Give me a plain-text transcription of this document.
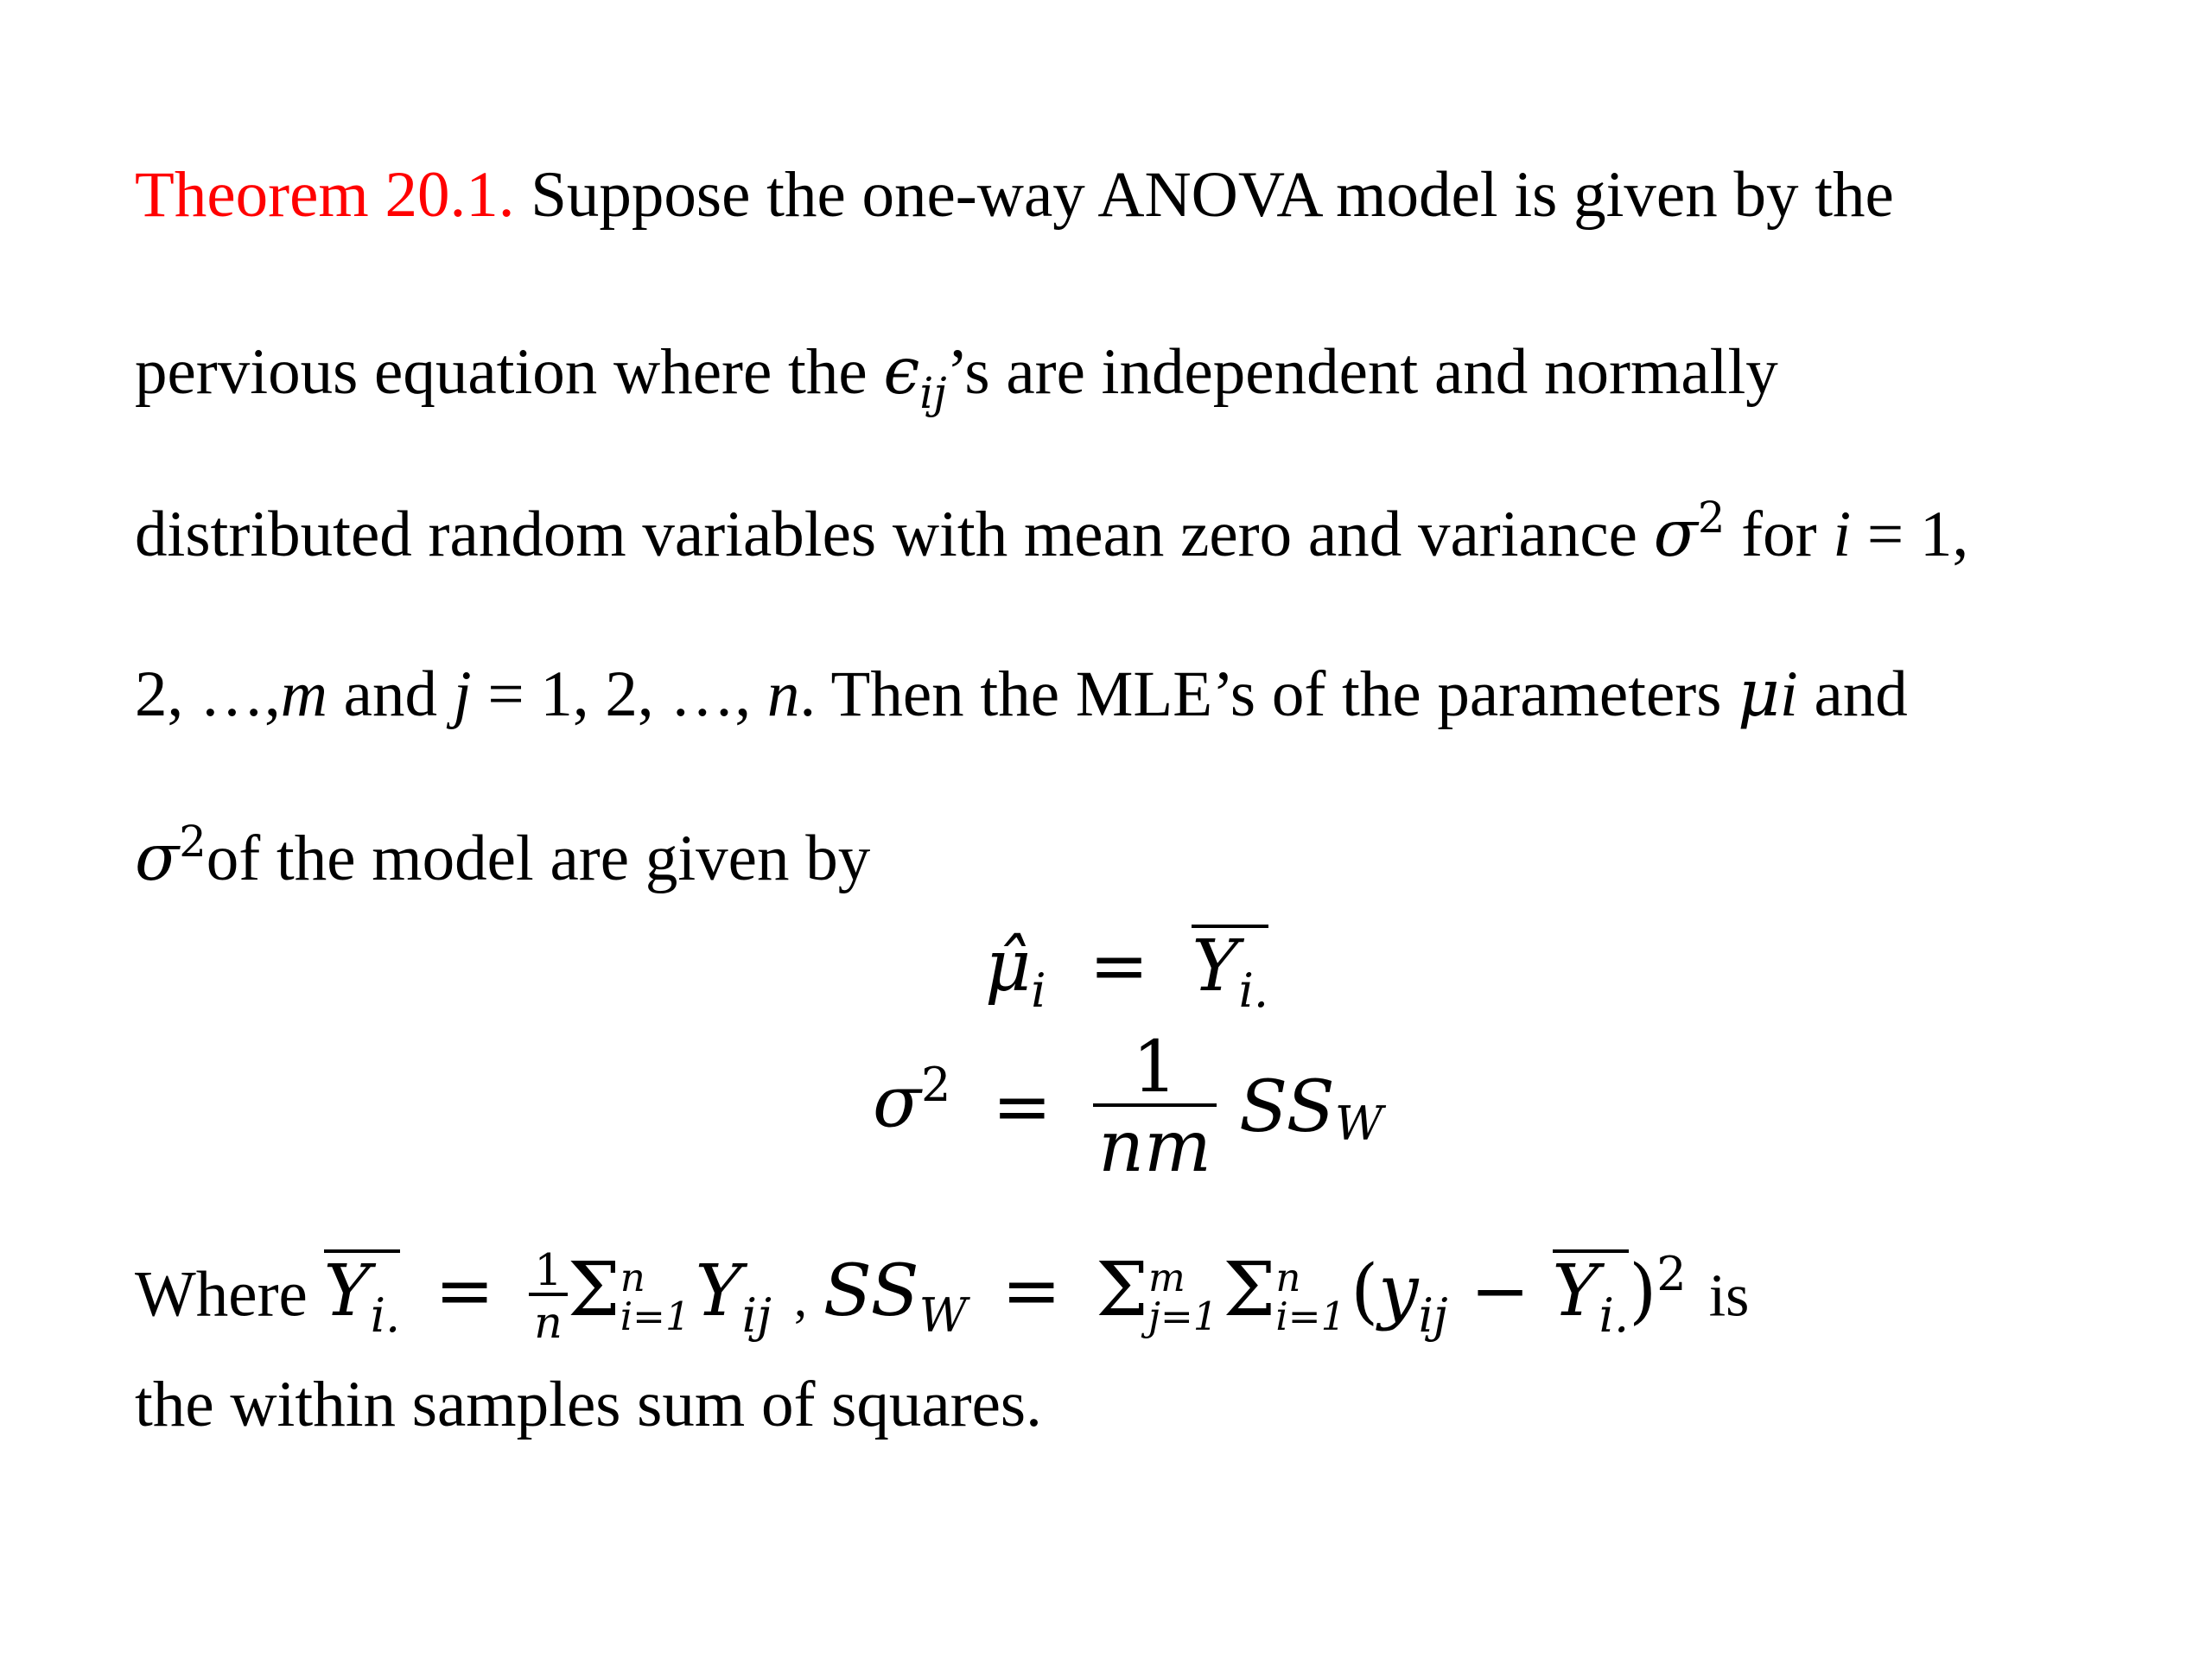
Theorem 20.1. Suppose the one-way ANOVA model is given by the
pervious equation where the $\epsilon_{ij}’s$ are independent and normally
distributed random variables with mean zero and variance $\sigma^2$ for i = 1,
2, …,m and j = 1, 2, …, n. Then the MLE’s of the parameters μi and
$\sigma^2of$ the model are given by
$\mû_i = Y_{i.}$
$\sigma^2 = \frac{1}{nm} SS_W$
Where $Y_{i.} = \frac{1}{n}$ Σ n
i=1 $Y_{ij}$ , $SS_W = \Sigma$ m
j=1 Σ n
i=1 $(y_{ij} - Y_{i.})^2$ is
the within samples sum of squares.
